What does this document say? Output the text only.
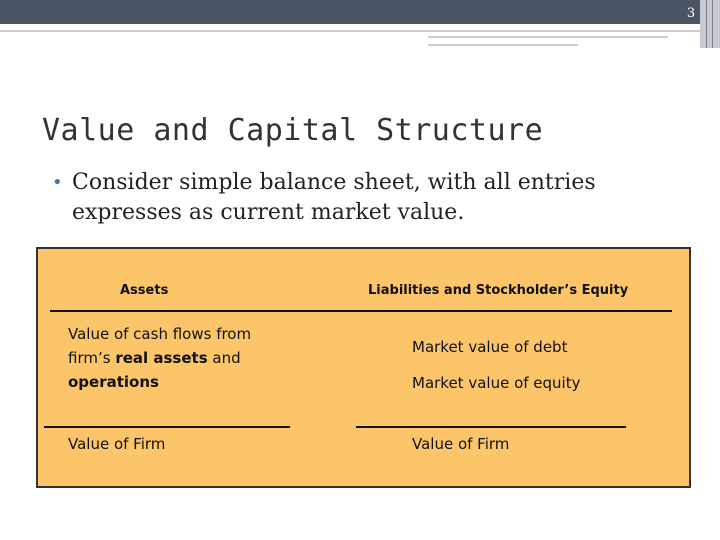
3
Value and Capital Structure
• Consider simple balance sheet, with all entries expresses as current market value.
Assets	Liabilities and Stockholder’s Equity
Value of cash flows from
firm’s real assets and
operations
Market value of debt
Market value of equity
Value of Firm	Value of Firm
